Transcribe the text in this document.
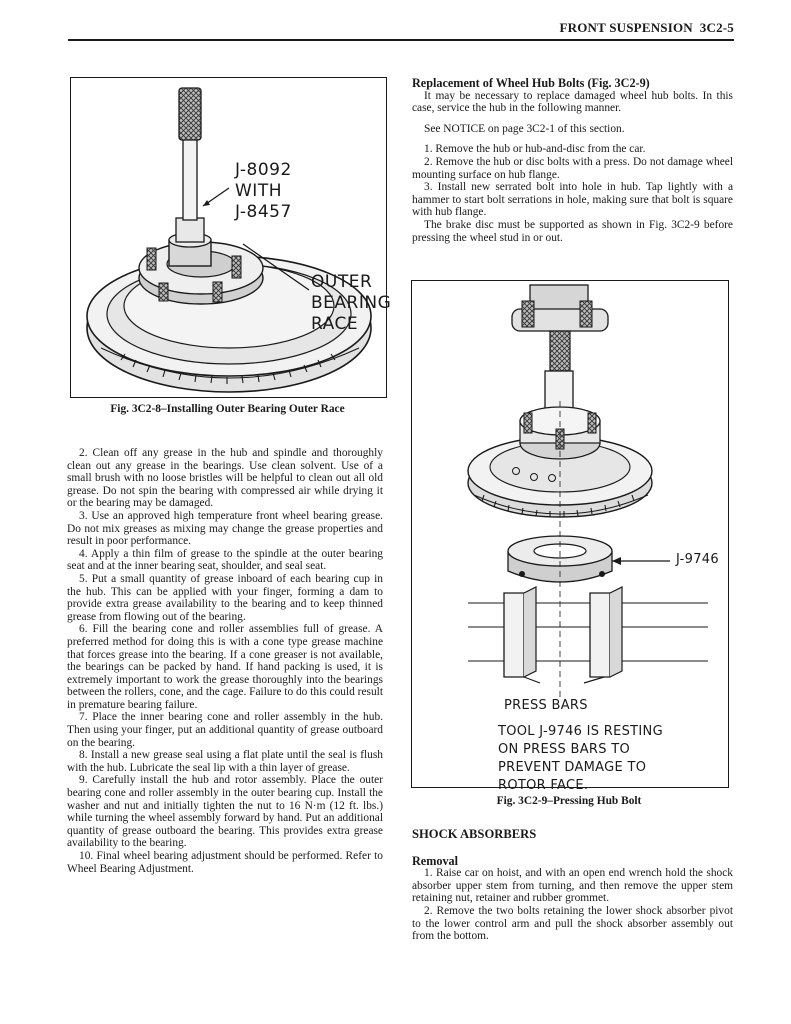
FRONT SUSPENSION 3C2-5
J-8092
WITH
J-8457
OUTER
BEARING
RACE
Fig. 3C2-8–Installing Outer Bearing Outer Race

2. Clean off any grease in the hub and spindle and thoroughly clean out any grease in the bearings. Use clean solvent. Use of a small brush with no loose bristles will be helpful to clean out all old grease. Do not spin the bearing with compressed air while drying it or the bearing may be damaged.

3. Use an approved high temperature front wheel bearing grease. Do not mix greases as mixing may change the grease properties and result in poor performance.

4. Apply a thin film of grease to the spindle at the outer bearing seat and at the inner bearing seat, shoulder, and seal seat.

5. Put a small quantity of grease inboard of each bearing cup in the hub. This can be applied with your finger, forming a dam to provide extra grease availability to the bearing and to keep thinned grease from flowing out of the bearing.

6. Fill the bearing cone and roller assemblies full of grease. A preferred method for doing this is with a cone type grease machine that forces grease into the bearing. If a cone greaser is not available, the bearings can be packed by hand. If hand packing is used, it is extremely important to work the grease thoroughly into the bearings between the rollers, cone, and the cage. Failure to do this could result in premature bearing failure.

7. Place the inner bearing cone and roller assembly in the hub. Then using your finger, put an additional quantity of grease outboard on the bearing.

8. Install a new grease seal using a flat plate until the seal is flush with the hub. Lubricate the seal lip with a thin layer of grease.

9. Carefully install the hub and rotor assembly. Place the outer bearing cone and roller assembly in the outer bearing cup. Install the washer and nut and initially tighten the nut to 16 N·m (12 ft. lbs.) while turning the wheel assembly forward by hand. Put an additional quantity of grease outboard the bearing. This provides extra grease availability to the bearing.

10. Final wheel bearing adjustment should be performed. Refer to Wheel Bearing Adjustment.

Replacement of Wheel Hub Bolts (Fig. 3C2-9)

It may be necessary to replace damaged wheel hub bolts. In this case, service the hub in the following manner.

See NOTICE on page 3C2-1 of this section.

1. Remove the hub or hub-and-disc from the car.

2. Remove the hub or disc bolts with a press. Do not damage wheel mounting surface on hub flange.

3. Install new serrated bolt into hole in hub. Tap lightly with a hammer to start bolt serrations in hole, making sure that bolt is square with hub flange.

The brake disc must be supported as shown in Fig. 3C2-9 before pressing the wheel stud in or out.

J-9746
PRESS BARS
TOOL J-9746 IS RESTING
ON PRESS BARS TO
PREVENT DAMAGE TO
ROTOR FACE.
Fig. 3C2-9–Pressing Hub Bolt
SHOCK ABSORBERS
Removal

1. Raise car on hoist, and with an open end wrench hold the shock absorber upper stem from turning, and then remove the upper stem retaining nut, retainer and rubber grommet.

2. Remove the two bolts retaining the lower shock absorber pivot to the lower control arm and pull the shock absorber assembly out from the bottom.
